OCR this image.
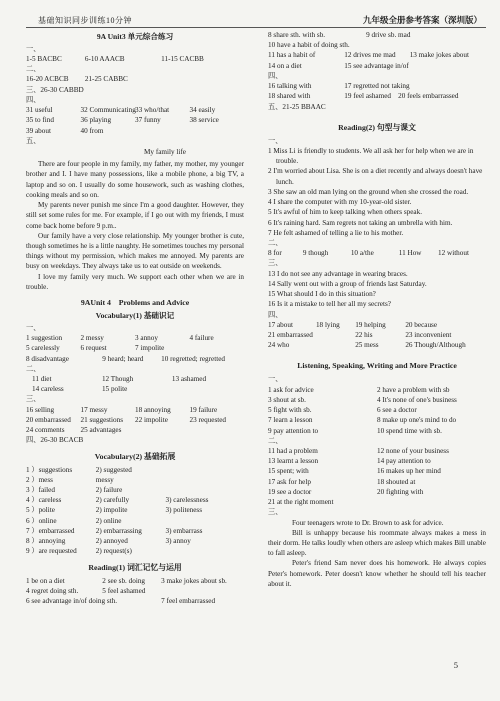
基础知识同步训练10分钟	九年级全册参考答案（深圳版）
9A Unit3 单元综合练习
一、
1-5 BACBC	6-10 AAACB	11-15 CACBB
二、
16-20 ACBCB	21-25 CABBC
三、26-30 CABBD
四、
31 useful	32 Communicating 33 who/that	34 easily
35 to find	36 playing	37 funny	38 service
39 about	40 from
五、
My family life

There are four people in my family, my father, my mother, my younger brother and I. I have many possessions, like a mobile phone, a big TV, a laptop and so on. I usually do some housework, such as washing clothes, cooking meals and so on.

My parents never punish me since I'm a good daughter. However, they still set some rules for me. For example, if I go out with my friends, I must come back home before 9 p.m..

Our family have a very close relationship. My younger brother is cute, though sometimes he is a little naughty. He sometimes touches my personal things without my permission, which makes me annoyed. My parents are busy on weekdays. They always take us to eat outside on weekends.

I love my family very much. We support each other when we are in trouble.

9AUnit 4　Problems and Advice
Vocabulary(1) 基础识记
一、
1 suggestion	2 messy	3 annoy	4 failure
5 carelessly	6 request	7 impolite
8 disadvantage	9 heard; heard	10 regretted; regretted
二、
11 diet	12 Though	13 ashamed
14 careless	15 polite
三、
16 selling	17 messy	18 annoying	19 failure
20 embarrassed	21 suggestions	22 impolite	23 requested
24 comments	25 advantages
四、26-30 BCACB
Vocabulary(2) 基础拓展
1 ）suggestions	2) suggested
2 ）mess	messy
3 ）failed	2) failure
4 ）careless	2) carefully	3) carelessness
5 ）polite	2) impolite	3) politeness
6 ）online	2) online
7 ）embarrassed	2) embarrassing	3) embarrass
8 ）annoying	2) annoyed	3) annoy
9 ）are requested	2) request(s)
Reading(1) 词汇记忆与运用
1 be on a diet	2 see sb. doing	3 make jokes about sb.
4 regret doing sth.	5 feel ashamed
6 see advantage in/of doing sth.	7 feel embarrassed
8 share sth. with sb.	9 drive sb. mad
10 have a habit of doing sth.
11 has a habit of	12 drives me mad	13 make jokes about
14 on a diet	15 see advantage in/of
四、
16 talking with	17 regretted not taking
18 shared with	19 feel ashamed　20 feels embarrassed
五、21-25 BBAAC
Reading(2) 句型与课文
一、
1 Miss Li is friendly to students. We all ask her for help when we are in trouble.
2 I'm worried about Lisa. She is on a diet recently and always doesn't have lunch.
3 She saw an old man lying on the ground when she crossed the road.
4 I share the computer with my 10-year-old sister.
5 It's awful of him to keep talking when others speak.
6 It's raining hard. Sam regrets not taking an umbrella with him.
7 He felt ashamed of telling a lie to his mother.
二、
8 for	9 though	10 a/the	11 How	12 without
三、
13 I do not see any advantage in wearing braces.
14 Sally went out with a group of friends last Saturday.
15 What should I do in this situation?
16 Is it a mistake to tell her all my secrets?
四、
17 about	18 lying	19 helping	20 because
21 embarrassed	22 his	23 inconvenient
24 who	25 mess	26 Though/Although
Listening, Speaking, Writing and More Practice
一、
1 ask for advice	2 have a problem with sb
3 shout at sb.	4 It's none of one's business
5 fight with sb.	6 see a doctor
7 learn a lesson	8 make up one's mind to do
9 pay attention to	10 spend time with sb.
二、
11 had a problem	12 none of your business
13 learnt a lesson	14 pay attention to
15 spent; with	16 makes up her mind
17 ask for help	18 shouted at
19 see a doctor	20 fighting with
21 at the right moment
三、

Four teenagers wrote to Dr. Brown to ask for advice.

Bill is unhappy because his roommate always makes a mess in their dorm. He talks loudly when others are asleep which makes Bill unable to fall asleep.

Peter's friend Sam never does his homework. He always copies Peter's homework. Peter doesn't know whether he should tell his teacher about it.

5
